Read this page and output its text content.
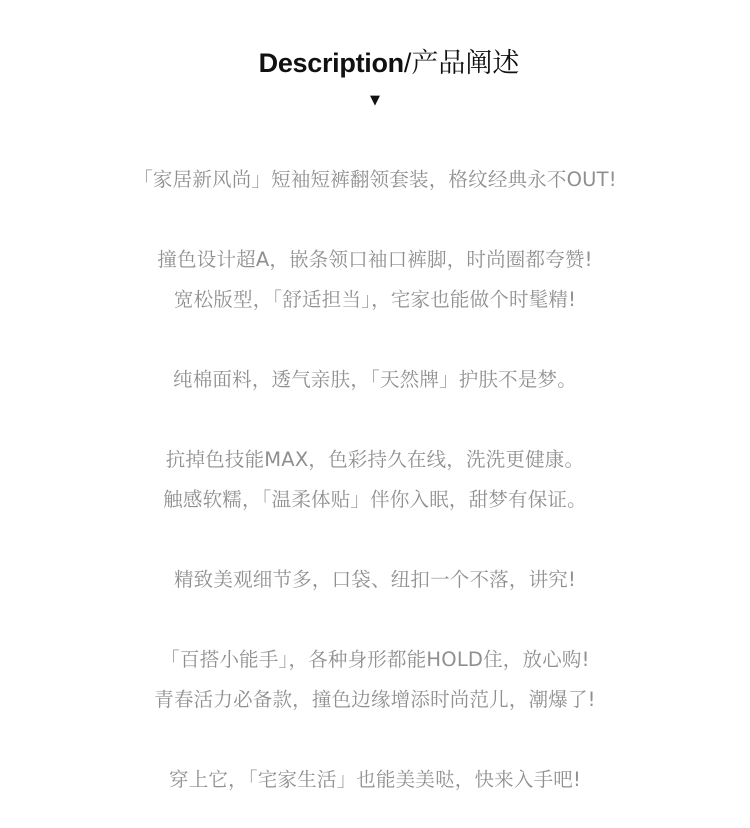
Description/产品阐述
▼
「家居新风尚」短袖短裤翻领套装，格纹经典永不OUT!
撞色设计超A，嵌条领口袖口裤脚，时尚圈都夸赞!
宽松版型，「舒适担当」，宅家也能做个时髦精!
纯棉面料，透气亲肤，「天然牌」护肤不是梦。
抗掉色技能MAX，色彩持久在线，洗洗更健康。
触感软糯，「温柔体贴」伴你入眠，甜梦有保证。
精致美观细节多，口袋、纽扣一个不落，讲究!
「百搭小能手」，各种身形都能HOLD住，放心购!
青春活力必备款，撞色边缘增添时尚范儿，潮爆了!
穿上它，「宅家生活」也能美美哒，快来入手吧!
